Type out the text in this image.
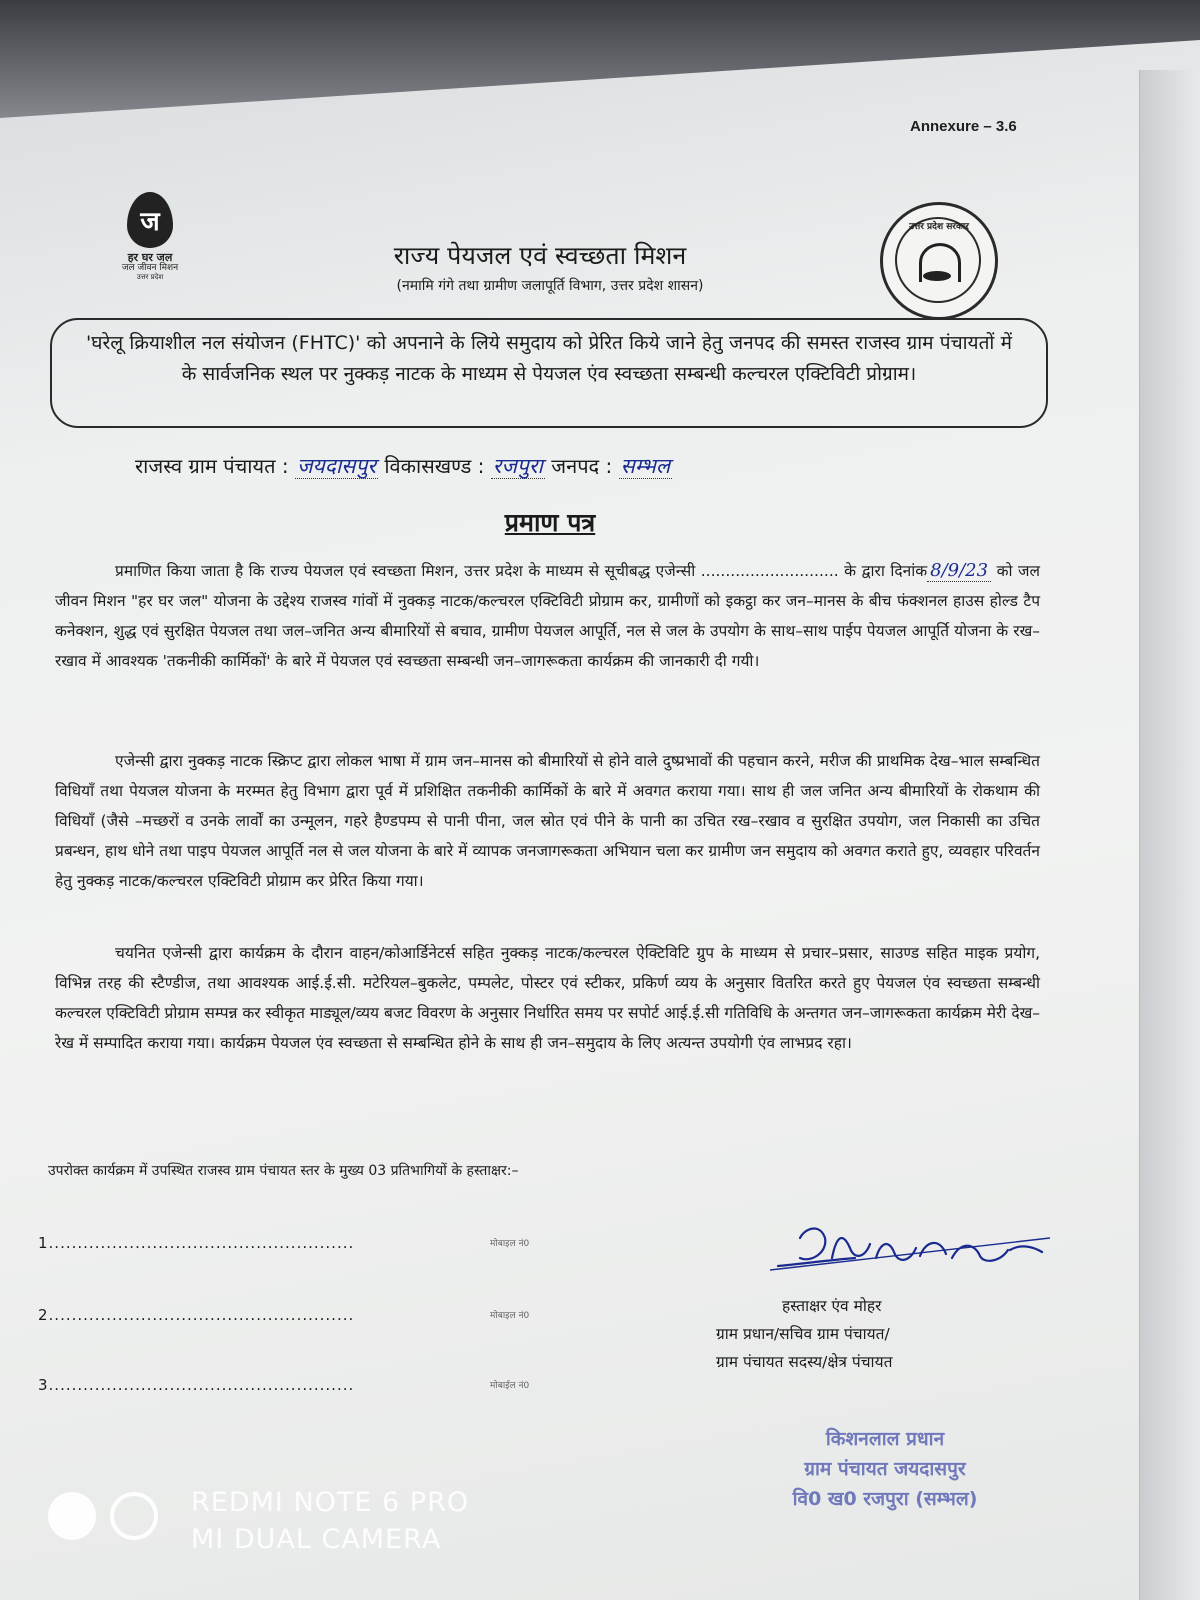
Annexure – 3.6
ज
हर घर जल
जल जीवन मिशन
उत्तर प्रदेश
राज्य पेयजल एवं स्वच्छता मिशन
(नमामि गंगे तथा ग्रामीण जलापूर्ति विभाग, उत्तर प्रदेश शासन)
उत्तर प्रदेश सरकार
'घरेलू क्रियाशील नल संयोजन (FHTC)' को अपनाने के लिये समुदाय को प्रेरित किये जाने हेतु जनपद की समस्त राजस्व ग्राम पंचायतों में के सार्वजनिक स्थल पर नुक्कड़ नाटक के माध्यम से पेयजल एंव स्वच्छता सम्बन्धी कल्चरल एक्टिविटी प्रोग्राम।
राजस्व ग्राम पंचायत : जयदासपुर विकासखण्ड : रजपुरा जनपद : सम्भल
प्रमाण पत्र
प्रमाणित किया जाता है कि राज्य पेयजल एवं स्वच्छता मिशन, उत्तर प्रदेश के माध्यम से सूचीबद्ध एजेन्सी ............................ के द्वारा दिनांक 8/9/23 को जल जीवन मिशन "हर घर जल" योजना के उद्देश्य राजस्व गांवों में नुक्कड़ नाटक/कल्चरल एक्टिविटी प्रोग्राम कर, ग्रामीणों को इकट्ठा कर जन–मानस के बीच फंक्शनल हाउस होल्ड टैप कनेक्शन, शुद्ध एवं सुरक्षित पेयजल तथा जल–जनित अन्य बीमारियों से बचाव, ग्रामीण पेयजल आपूर्ति, नल से जल के उपयोग के साथ–साथ पाईप पेयजल आपूर्ति योजना के रख–रखाव में आवश्यक 'तकनीकी कार्मिकों' के बारे में पेयजल एवं स्वच्छता सम्बन्धी जन–जागरूकता कार्यक्रम की जानकारी दी गयी।
एजेन्सी द्वारा नुक्कड़ नाटक स्क्रिप्ट द्वारा लोकल भाषा में ग्राम जन–मानस को बीमारियों से होने वाले दुष्प्रभावों की पहचान करने, मरीज की प्राथमिक देख–भाल सम्बन्धित विधियाँ तथा पेयजल योजना के मरम्मत हेतु विभाग द्वारा पूर्व में प्रशिक्षित तकनीकी कार्मिकों के बारे में अवगत कराया गया। साथ ही जल जनित अन्य बीमारियों के रोकथाम की विधियाँ (जैसे –मच्छरों व उनके लार्वों का उन्मूलन, गहरे हैण्डपम्प से पानी पीना, जल स्रोत एवं पीने के पानी का उचित रख–रखाव व सुरक्षित उपयोग, जल निकासी का उचित प्रबन्धन, हाथ धोने तथा पाइप पेयजल आपूर्ति नल से जल योजना के बारे में व्यापक जनजागरूकता अभियान चला कर ग्रामीण जन समुदाय को अवगत कराते हुए, व्यवहार परिवर्तन हेतु नुक्कड़ नाटक/कल्चरल एक्टिविटी प्रोग्राम कर प्रेरित किया गया।
चयनित एजेन्सी द्वारा कार्यक्रम के दौरान वाहन/कोआर्डिनेटर्स सहित नुक्कड़ नाटक/कल्चरल ऐक्टिविटि ग्रुप के माध्यम से प्रचार–प्रसार, साउण्ड सहित माइक प्रयोग, विभिन्न तरह की स्टैण्डीज, तथा आवश्यक आई.ई.सी. मटेरियल–बुकलेट, पम्पलेट, पोस्टर एवं स्टीकर, प्रकिर्ण व्यय के अनुसार वितरित करते हुए पेयजल एंव स्वच्छता सम्बन्धी कल्चरल एक्टिविटी प्रोग्राम सम्पन्न कर स्वीकृत माड्यूल/व्यय बजट विवरण के अनुसार निर्धारित समय पर सपोर्ट आई.ई.सी गतिविधि के अन्तगत जन–जागरूकता कार्यक्रम मेरी देख–रेख में सम्पादित कराया गया। कार्यक्रम पेयजल एंव स्वच्छता से सम्बन्धित होने के साथ ही जन–समुदाय के लिए अत्यन्त उपयोगी एंव लाभप्रद रहा।
उपरोक्त कार्यक्रम में उपस्थित राजस्व ग्राम पंचायत स्तर के मुख्य 03 प्रतिभागियों के हस्ताक्षर:–
1.....................................................	मोबाइल नं0
2.....................................................	मोबाइल नं0
3.....................................................	मोबाईल नं0
हस्ताक्षर एंव मोहर
ग्राम प्रधान/सचिव ग्राम पंचायत/
ग्राम पंचायत सदस्य/क्षेत्र पंचायत
किशनलाल प्रधान
ग्राम पंचायत जयदासपुर
वि0 ख0 रजपुरा (सम्भल)
REDMI NOTE 6 PRO
MI DUAL CAMERA
